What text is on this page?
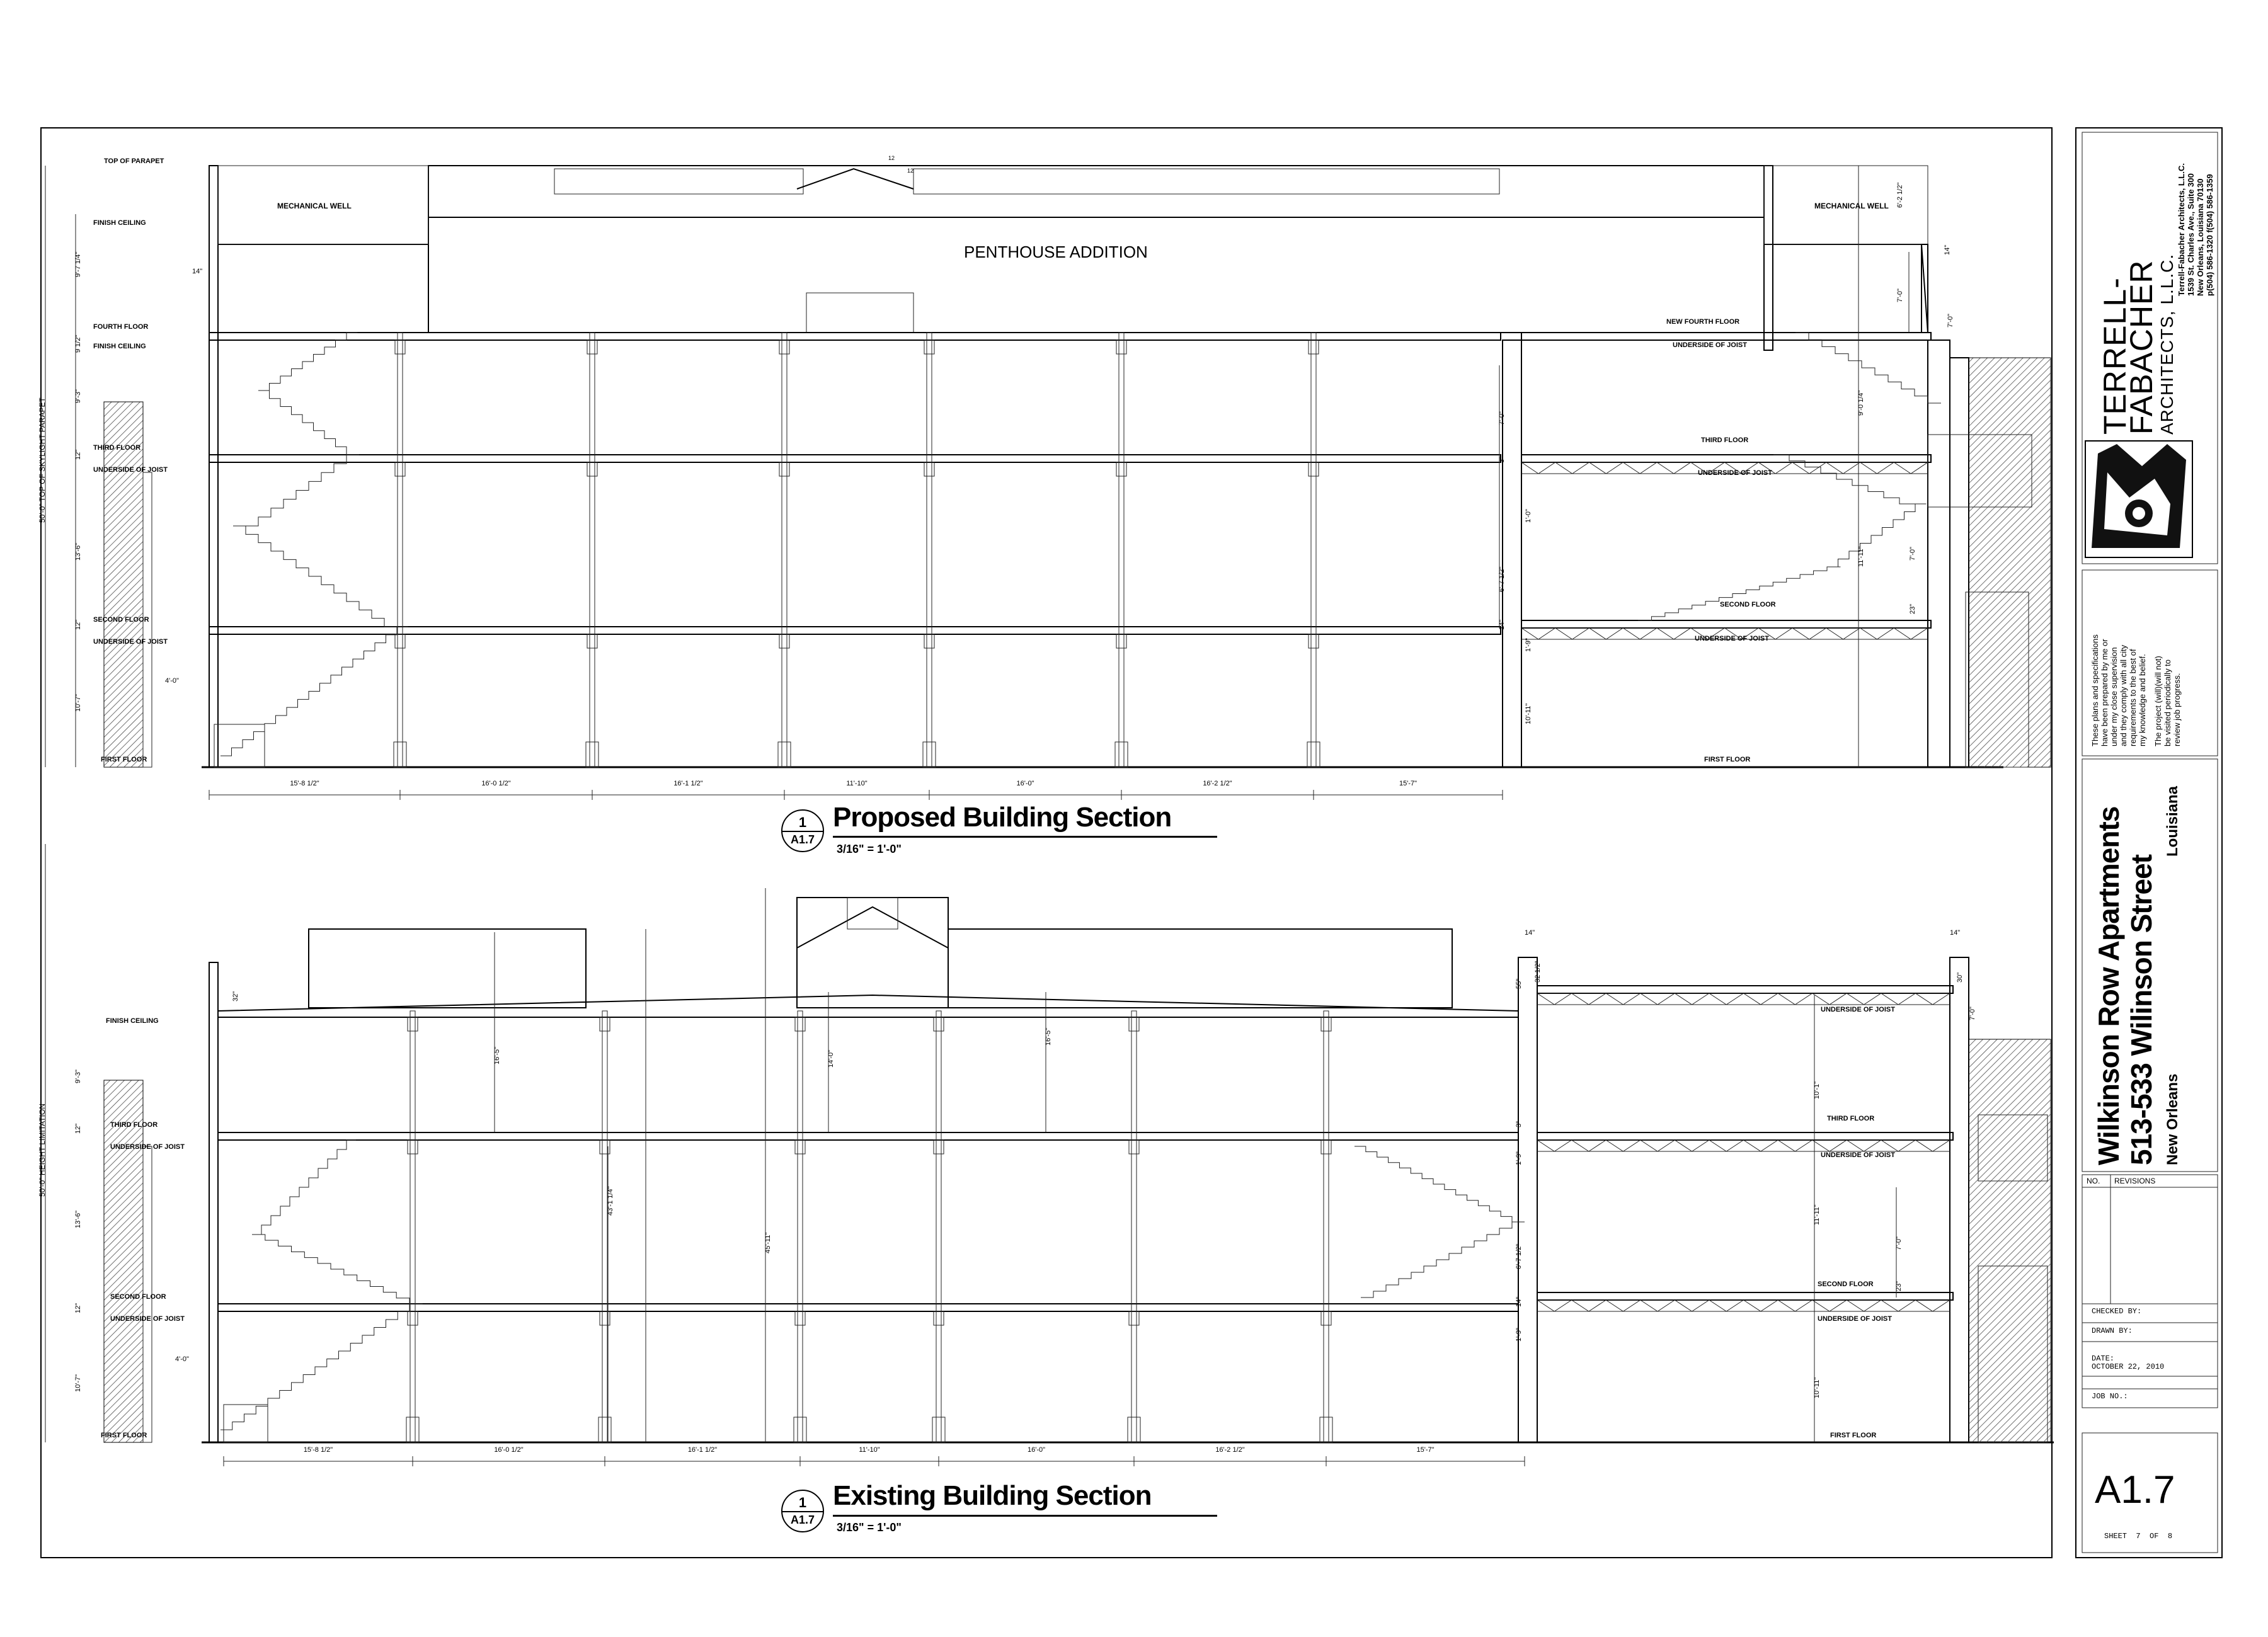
1
A1.7
Proposed Building Section
3/16" = 1'-0"
PENTHOUSE ADDITION
MECHANICAL WELL	MECHANICAL WELL
1
A1.7
Existing Building Section
3/16" = 1'-0"
TERRELL-
FABACHER
ARCHITECTS, L.L.C.
Terrell-Fabacher Architects, L.L.C. 1539 St. Charles Ave., Suite 300 New Orleans, Louisiana 70130 p(504) 586-1320 f(504) 586-1359
These plans and specifications have been prepared by me or under my close supervision and they comply with all city requirements to the best of my knowledge and belief. The project (will)(will not) be visited periodically to review job progress.
Wilkinson Row Apartments 513-533 Wilinson Street New Orleans
Louisiana
NO. REVISIONS
CHECKED BY:
DRAWN BY:
DATE:
OCTOBER 22, 2010
JOB NO.:
A1.7
SHEET  7  OF  8
TOP OF PARAPET
FINISH CEILING
FOURTH FLOOR
FINISH CEILING
THIRD FLOOR
UNDERSIDE OF JOIST
SECOND FLOOR
UNDERSIDE OF JOIST
FIRST FLOOR
4'-0"
NEW FOURTH FLOOR
UNDERSIDE OF JOIST
THIRD FLOOR
UNDERSIDE OF JOIST
SECOND FLOOR
UNDERSIDE OF JOIST
FIRST FLOOR
FINISH CEILING
THIRD FLOOR
UNDERSIDE OF JOIST
SECOND FLOOR
UNDERSIDE OF JOIST
FIRST FLOOR
4'-0"
UNDERSIDE OF JOIST
THIRD FLOOR
UNDERSIDE OF JOIST
SECOND FLOOR
UNDERSIDE OF JOIST
FIRST FLOOR
15'-8 1/2"	16'-0 1/2"	16'-1 1/2"	11'-10"	16'-0"	16'-2 1/2"	15'-7"
15'-8 1/2"	16'-0 1/2"	16'-1 1/2"	11'-10"	16'-0"	16'-2 1/2"	15'-7"
50'-0" TOP OF SKYLIGHT PARAPET
9'-7 1/4"	14"
9 1/2"
9'-3"
12"
13'-6"
12"
10'-7"
6'-2 1/2"
7'-0"
7'-0"
14"
7'-0"
3"
6'-7 1/2"
14"
9'-0 1/4"
1'-0"
11'-11"	7'-0"
23"
1'-9"
10'-11"
50'-0" HEIGHT LIMITATION
32"
9'-3"
12"
13'-6"
12"
10'-7"
16'-5"
43'-1 1/4"
14'-0"
45'-11"
16'-5"
14"
55"
32 1/2"
14"
30"
7'-0"
3"
10'-1"
6'-7 1/2"
1'-9"
11'-11"
7'-0"
14"
23"
1'-9"
10'-11"
12
12
